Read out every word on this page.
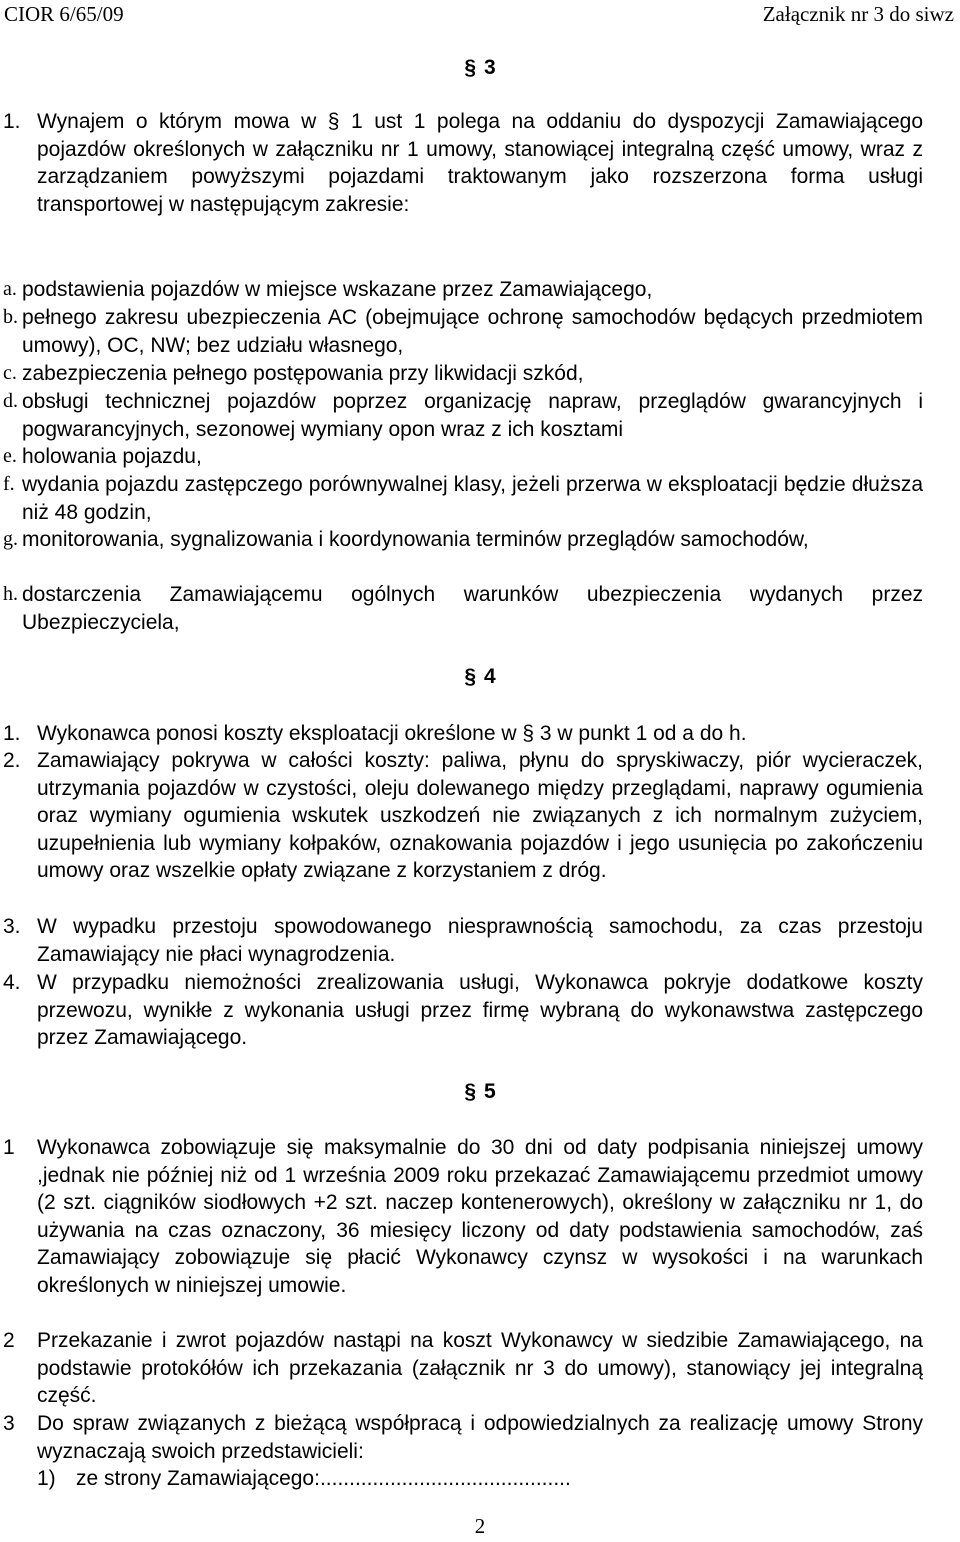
CIOR 6/65/09	Załącznik nr 3 do siwz
§ 3
1. Wynajem o którym mowa w § 1 ust 1 polega na oddaniu do dyspozycji Zamawiającego pojazdów określonych w załączniku nr 1 umowy, stanowiącej integralną część umowy, wraz z zarządzaniem powyższymi pojazdami traktowanym jako rozszerzona forma usługi transportowej w następującym zakresie:
a. podstawienia pojazdów w miejsce wskazane przez Zamawiającego,
b. pełnego zakresu ubezpieczenia AC (obejmujące ochronę samochodów będących przedmiotem umowy), OC, NW; bez udziału własnego,
c. zabezpieczenia pełnego postępowania przy likwidacji szkód,
d. obsługi technicznej pojazdów poprzez organizację napraw, przeglądów gwarancyjnych i pogwarancyjnych, sezonowej wymiany opon wraz z ich kosztami
e. holowania pojazdu,
f. wydania pojazdu zastępczego porównywalnej klasy, jeżeli przerwa w eksploatacji będzie dłuższa niż 48 godzin,
g. monitorowania, sygnalizowania i koordynowania terminów przeglądów samochodów,
h. dostarczenia Zamawiającemu ogólnych warunków ubezpieczenia wydanych przez Ubezpieczyciela,
§ 4
1. Wykonawca ponosi koszty eksploatacji określone w § 3 w punkt 1 od a do h.
2. Zamawiający pokrywa w całości koszty: paliwa, płynu do spryskiwaczy, piór wycieraczek, utrzymania pojazdów w czystości, oleju dolewanego między przeglądami, naprawy ogumienia oraz wymiany ogumienia wskutek uszkodzeń nie związanych z ich normalnym zużyciem, uzupełnienia lub wymiany kołpaków, oznakowania pojazdów i jego usunięcia po zakończeniu umowy oraz wszelkie opłaty związane z korzystaniem z dróg.
3. W wypadku przestoju spowodowanego niesprawnością samochodu, za czas przestoju Zamawiający nie płaci wynagrodzenia.
4. W przypadku niemożności zrealizowania usługi, Wykonawca pokryje dodatkowe koszty przewozu, wynikłe z wykonania usługi przez firmę wybraną do wykonawstwa zastępczego przez Zamawiającego.
§ 5
1 Wykonawca zobowiązuje się maksymalnie do 30 dni od daty podpisania niniejszej umowy ,jednak nie później niż od 1 września 2009 roku przekazać Zamawiającemu przedmiot umowy (2 szt. ciągników siodłowych +2 szt. naczep kontenerowych), określony w załączniku nr 1, do używania na czas oznaczony, 36 miesięcy liczony od daty podstawienia samochodów, zaś Zamawiający zobowiązuje się płacić Wykonawcy czynsz w wysokości i na warunkach określonych w niniejszej umowie.
2 Przekazanie i zwrot pojazdów nastąpi na koszt Wykonawcy w siedzibie Zamawiającego, na podstawie protokółów ich przekazania (załącznik nr 3 do umowy), stanowiący jej integralną część.
3 Do spraw związanych z bieżącą współpracą i odpowiedzialnych za realizację umowy Strony wyznaczają swoich przedstawicieli:
1) ze strony Zamawiającego:...........................................
2
